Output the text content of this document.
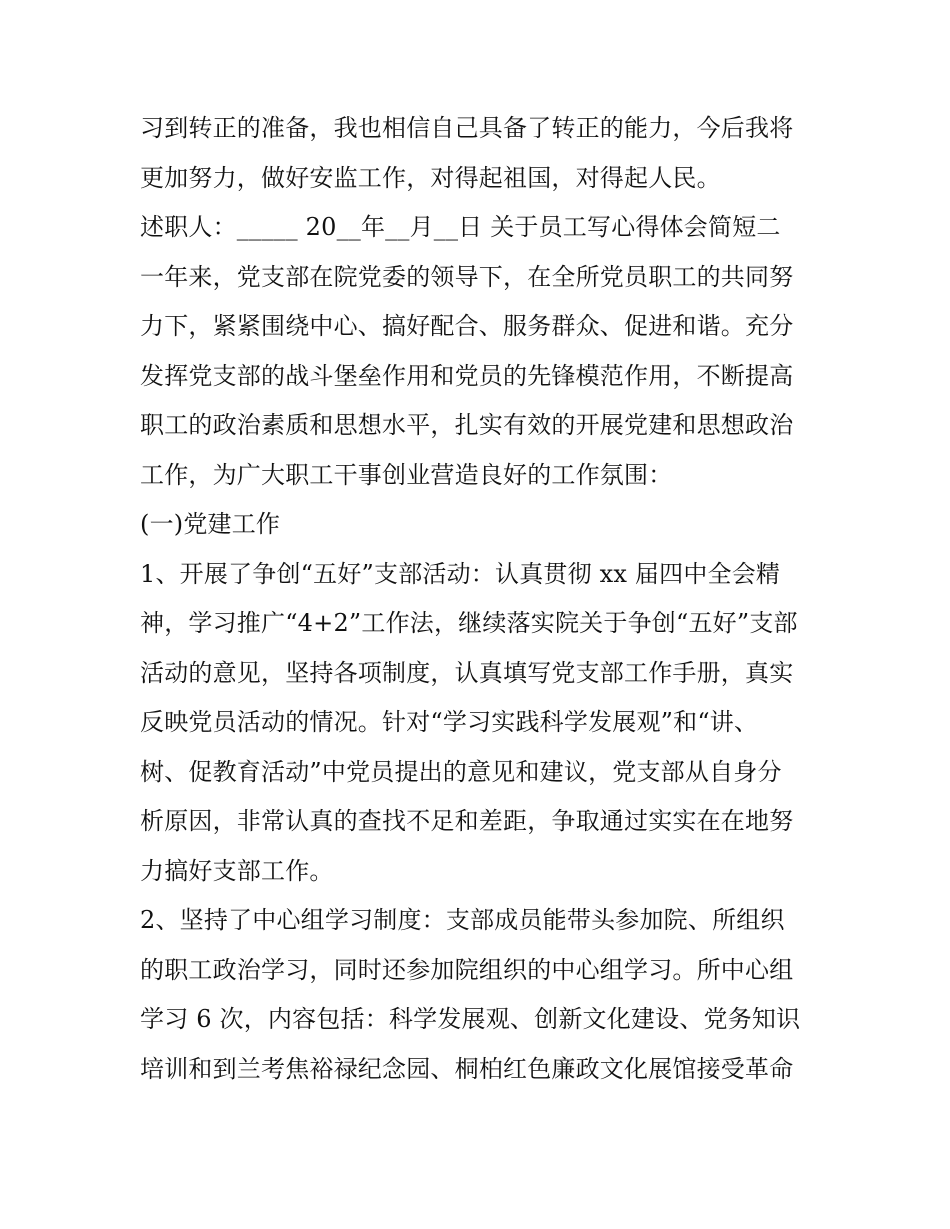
习到转正的准备，我也相信自己具备了转正的能力，今后我将
更加努力，做好安监工作，对得起祖国，对得起人民。
述职人：_____ 20__年__月__日 关于员工写心得体会简短二
一年来，党支部在院党委的领导下，在全所党员职工的共同努
力下，紧紧围绕中心、搞好配合、服务群众、促进和谐。充分
发挥党支部的战斗堡垒作用和党员的先锋模范作用，不断提高
职工的政治素质和思想水平，扎实有效的开展党建和思想政治
工作，为广大职工干事创业营造良好的工作氛围：
(一)党建工作
1、开展了争创“五好”支部活动：认真贯彻 xx 届四中全会精
神，学习推广“4+2”工作法，继续落实院关于争创“五好”支部
活动的意见，坚持各项制度，认真填写党支部工作手册，真实
反映党员活动的情况。针对“学习实践科学发展观”和“讲、
树、促教育活动”中党员提出的意见和建议，党支部从自身分
析原因，非常认真的查找不足和差距，争取通过实实在在地努
力搞好支部工作。
2、坚持了中心组学习制度：支部成员能带头参加院、所组织
的职工政治学习，同时还参加院组织的中心组学习。所中心组
学习 6 次，内容包括：科学发展观、创新文化建设、党务知识
培训和到兰考焦裕禄纪念园、桐柏红色廉政文化展馆接受革命
